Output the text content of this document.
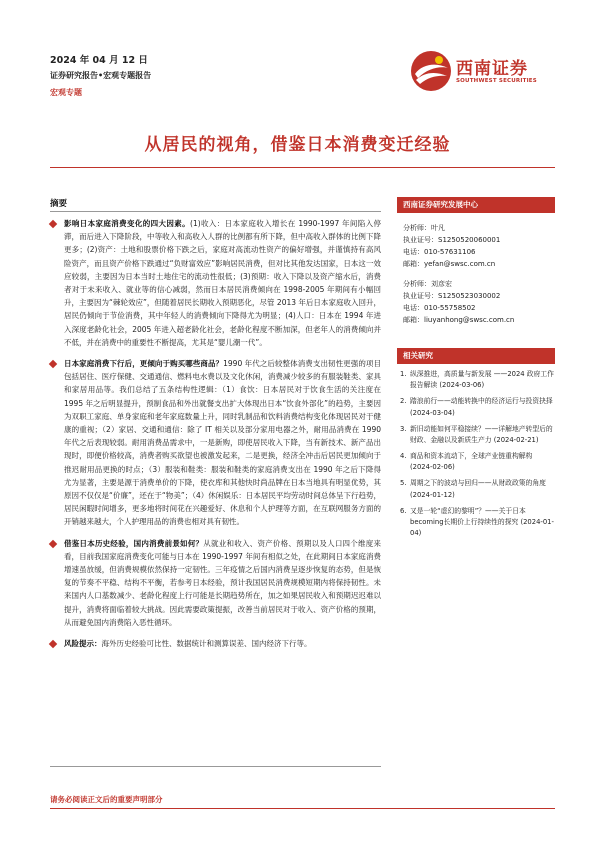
2024 年 04 月 12 日
证券研究报告•宏观专题报告
宏观专题
西南证券
SOUTHWEST SECURITIES
从居民的视角，借鉴日本消费变迁经验
摘要
影响日本家庭消费变化的四大因素。(1)收入：日本家庭收入增长在 1990-1997 年间陷入停滞，而后进入下降阶段，中等收入和高收入人群的比例都有所下降，但中高收入群体的比例下降更多；(2)资产：土地和股票价格下跌之后，家庭对高流动性资产的偏好增强，并谨慎持有高风险资产，而且资产价格下跌通过“负财富效应”影响居民消费，但对比其他发达国家，日本这一效应较弱，主要因为日本当时土地住宅的流动性很低；(3)预期：收入下降以及资产缩水后，消费者对于未来收入、就业等的信心减弱，然而日本居民消费倾向在 1998-2005 年期间有小幅回升，主要因为“棘轮效应”，但随着居民长期收入预期恶化，尽管 2013 年后日本家庭收入回升，居民仍倾向于节俭消费，其中年轻人的消费倾向下降得尤为明显；(4)人口：日本在 1994 年进入深度老龄化社会，2005 年进入超老龄化社会，老龄化程度不断加深，但老年人的消费倾向并不低，并在消费中的重要性不断提高，尤其是“婴儿潮一代”。
日本家庭消费下行后，更倾向于购买哪些商品？1990 年代之后较整体消费支出韧性更强的项目包括居住、医疗保健、交通通信、燃料电水费以及文化休闲，消费减少较多的有服装鞋类、家具和家居用品等。我们总结了五条结构性逻辑：（1）食饮：日本居民对于饮食生活的关注度在 1995 年之后明显提升，预制食品和外出就餐支出扩大体现出日本“饮食外部化”的趋势，主要因为双职工家庭、单身家庭和老年家庭数量上升，同时乳制品和饮料消费结构变化体现居民对于健康的重视；（2）家居、交通和通信：除了 IT 相关以及部分家用电器之外，耐用品消费在 1990 年代之后表现较弱。耐用消费品需求中，一是新购，即使居民收入下降，当有新技术、新产品出现时，即便价格较高，消费者购买欲望也被激发起来，二是更换，经济全冲击后居民更加倾向于推迟耐用品更换的时点；（3）服装和鞋类：服装和鞋类的家庭消费支出在 1990 年之后下降得尤为显著，主要是源于消费单价的下降，使衣库和其他快时尚品牌在日本当地具有明显优势，其原因不仅仅是“价廉”，还在于“物美”；（4）休闲娱乐：日本居民平均劳动时间总体呈下行趋势，居民闲暇时间增多，更多地将时间花在兴趣爱好、休息和个人护理等方面，在互联网服务方面的开销越来越大，个人护理用品的消费也相对具有韧性。
借鉴日本历史经验，国内消费前景如何？从就业和收入、资产价格、预期以及人口四个维度来看，目前我国家庭消费变化可能与日本在 1990-1997 年间有相似之处，在此期间日本家庭消费增速虽放缓，但消费规模依然保持一定韧性。三年疫情之后国内消费呈逐步恢复的态势，但是恢复的节奏不平稳、结构不平衡，若参考日本经验，预计我国居民消费规模短期内将保持韧性。未来国内人口基数减少、老龄化程度上行可能是长期趋势所在，加之如果居民收入和预期迟迟难以提升，消费将面临着较大挑战。因此需要政策提振，改善当前居民对于收入、资产价格的预期，从而避免国内消费陷入恶性循环。
风险提示：海外历史经验可比性、数据统计和测算误差、国内经济下行等。
西南证券研究发展中心
分析师：叶凡
执业证号：S1250520060001
电话：010-57631106
邮箱：yefan@swsc.com.cn
分析师：刘彦宏
执业证号：S1250523030002
电话：010-55758502
邮箱：liuyanhong@swsc.com.cn
相关研究
1. 纵深推进，高质量与新发展 ——2024 政府工作报告解读 (2024-03-06)
2. 踏浪前行——动能转换中的经济运行与投资抉择 (2024-03-04)
3. 新旧动能如何平稳接续？——详解地产转型后的财政、金融以及新质生产力 (2024-02-21)
4. 商品和资本流动下，全球产业链重构解构 (2024-02-06)
5. 周期之下的波动与回归——从财政政策的角度 (2024-01-12)
6. 又是一轮“虚幻的黎明”？——关于日本becoming长期价上行持续性的探究 (2024-01-04)
请务必阅读正文后的重要声明部分
